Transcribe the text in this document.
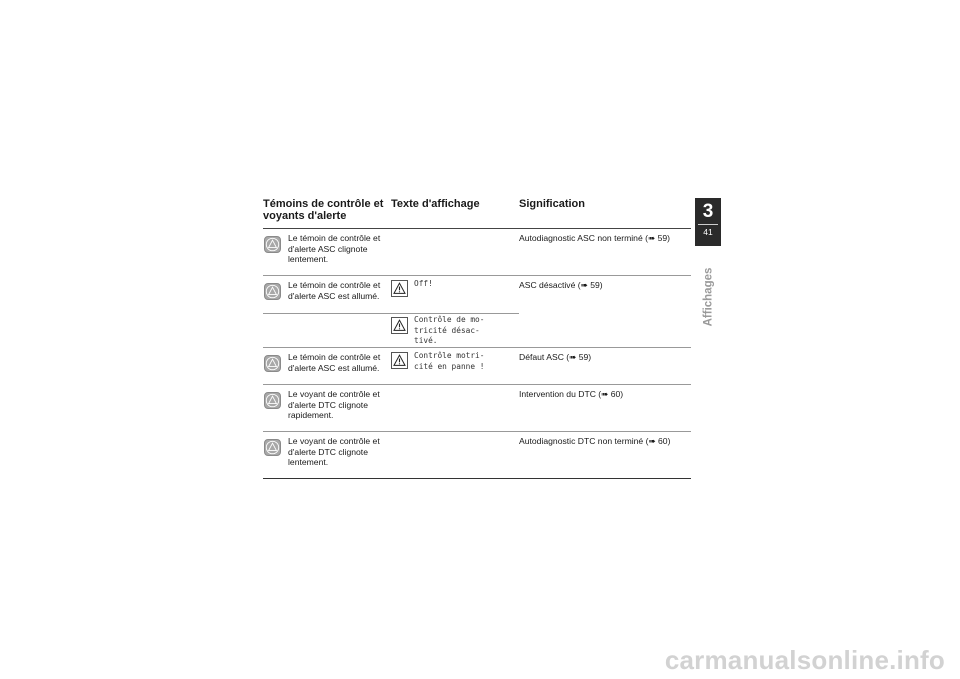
Témoins de contrôle et voyants d'alerte
Texte d'affichage	Signification
Le témoin de contrôle et d'alerte ASC clignote lentement.
Autodiagnostic ASC non terminé (➠ 59)
Le témoin de contrôle et d'alerte ASC est allumé.
Off!
Contrôle de mo- tricité désac- tivé.
ASC désactivé (➠ 59)
Le témoin de contrôle et d'alerte ASC est allumé.
Contrôle motri- cité en panne !
Défaut ASC (➠ 59)
Le voyant de contrôle et d'alerte DTC clignote rapidement.
Intervention du DTC (➠ 60)
Le voyant de contrôle et d'alerte DTC clignote lentement.
Autodiagnostic DTC non terminé (➠ 60)
3
41
Affichages
carmanualsonline.info
